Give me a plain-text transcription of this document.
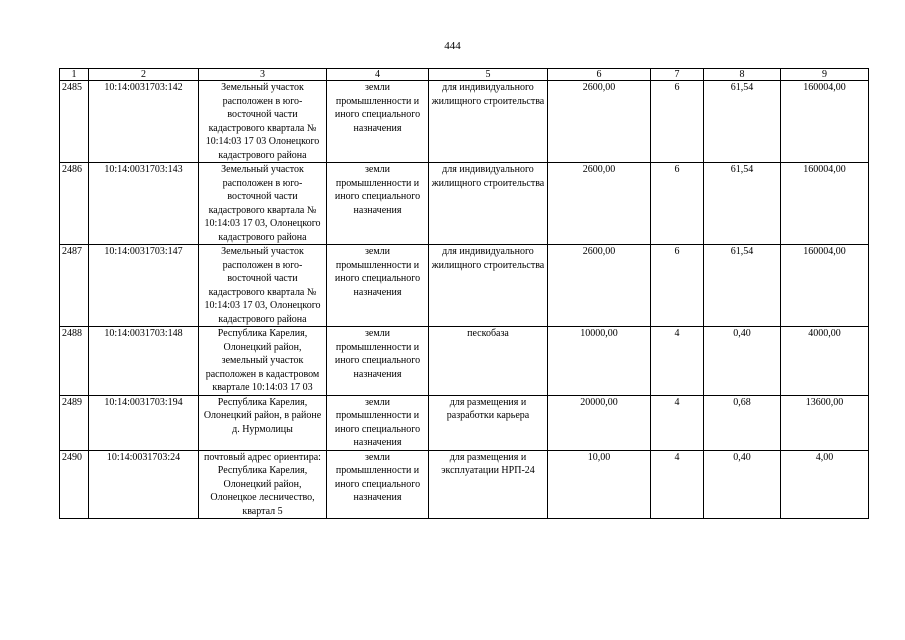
444
1	2	3	4	5	6	7	8	9
2485	10:14:0031703:142	Земельный участок расположен в юго-восточной части кадастрового квартала № 10:14:03 17 03 Олонецкого кадастрового района	земли промышленности и иного специального назначения	для индивидуального жилищного строительства	2600,00	6	61,54	160004,00
2486	10:14:0031703:143	Земельный участок расположен в юго-восточной части кадастрового квартала № 10:14:03 17 03, Олонецкого кадастрового района	земли промышленности и иного специального назначения	для индивидуального жилищного строительства	2600,00	6	61,54	160004,00
2487	10:14:0031703:147	Земельный участок расположен в юго-восточной части кадастрового квартала № 10:14:03 17 03, Олонецкого кадастрового района	земли промышленности и иного специального назначения	для индивидуального жилищного строительства	2600,00	6	61,54	160004,00
2488	10:14:0031703:148	Республика Карелия, Олонецкий район, земельный участок расположен в кадастровом квартале 10:14:03 17 03	земли промышленности и иного специального назначения	пескобаза	10000,00	4	0,40	4000,00
2489	10:14:0031703:194	Республика Карелия, Олонецкий район, в районе д. Нурмолицы	земли промышленности и иного специального назначения	для размещения и разработки карьера	20000,00	4	0,68	13600,00
2490	10:14:0031703:24	почтовый адрес ориентира: Республика Карелия, Олонецкий район, Олонецкое лесничество, квартал 5	земли промышленности и иного специального назначения	для размещения и эксплуатации НРП-24	10,00	4	0,40	4,00
